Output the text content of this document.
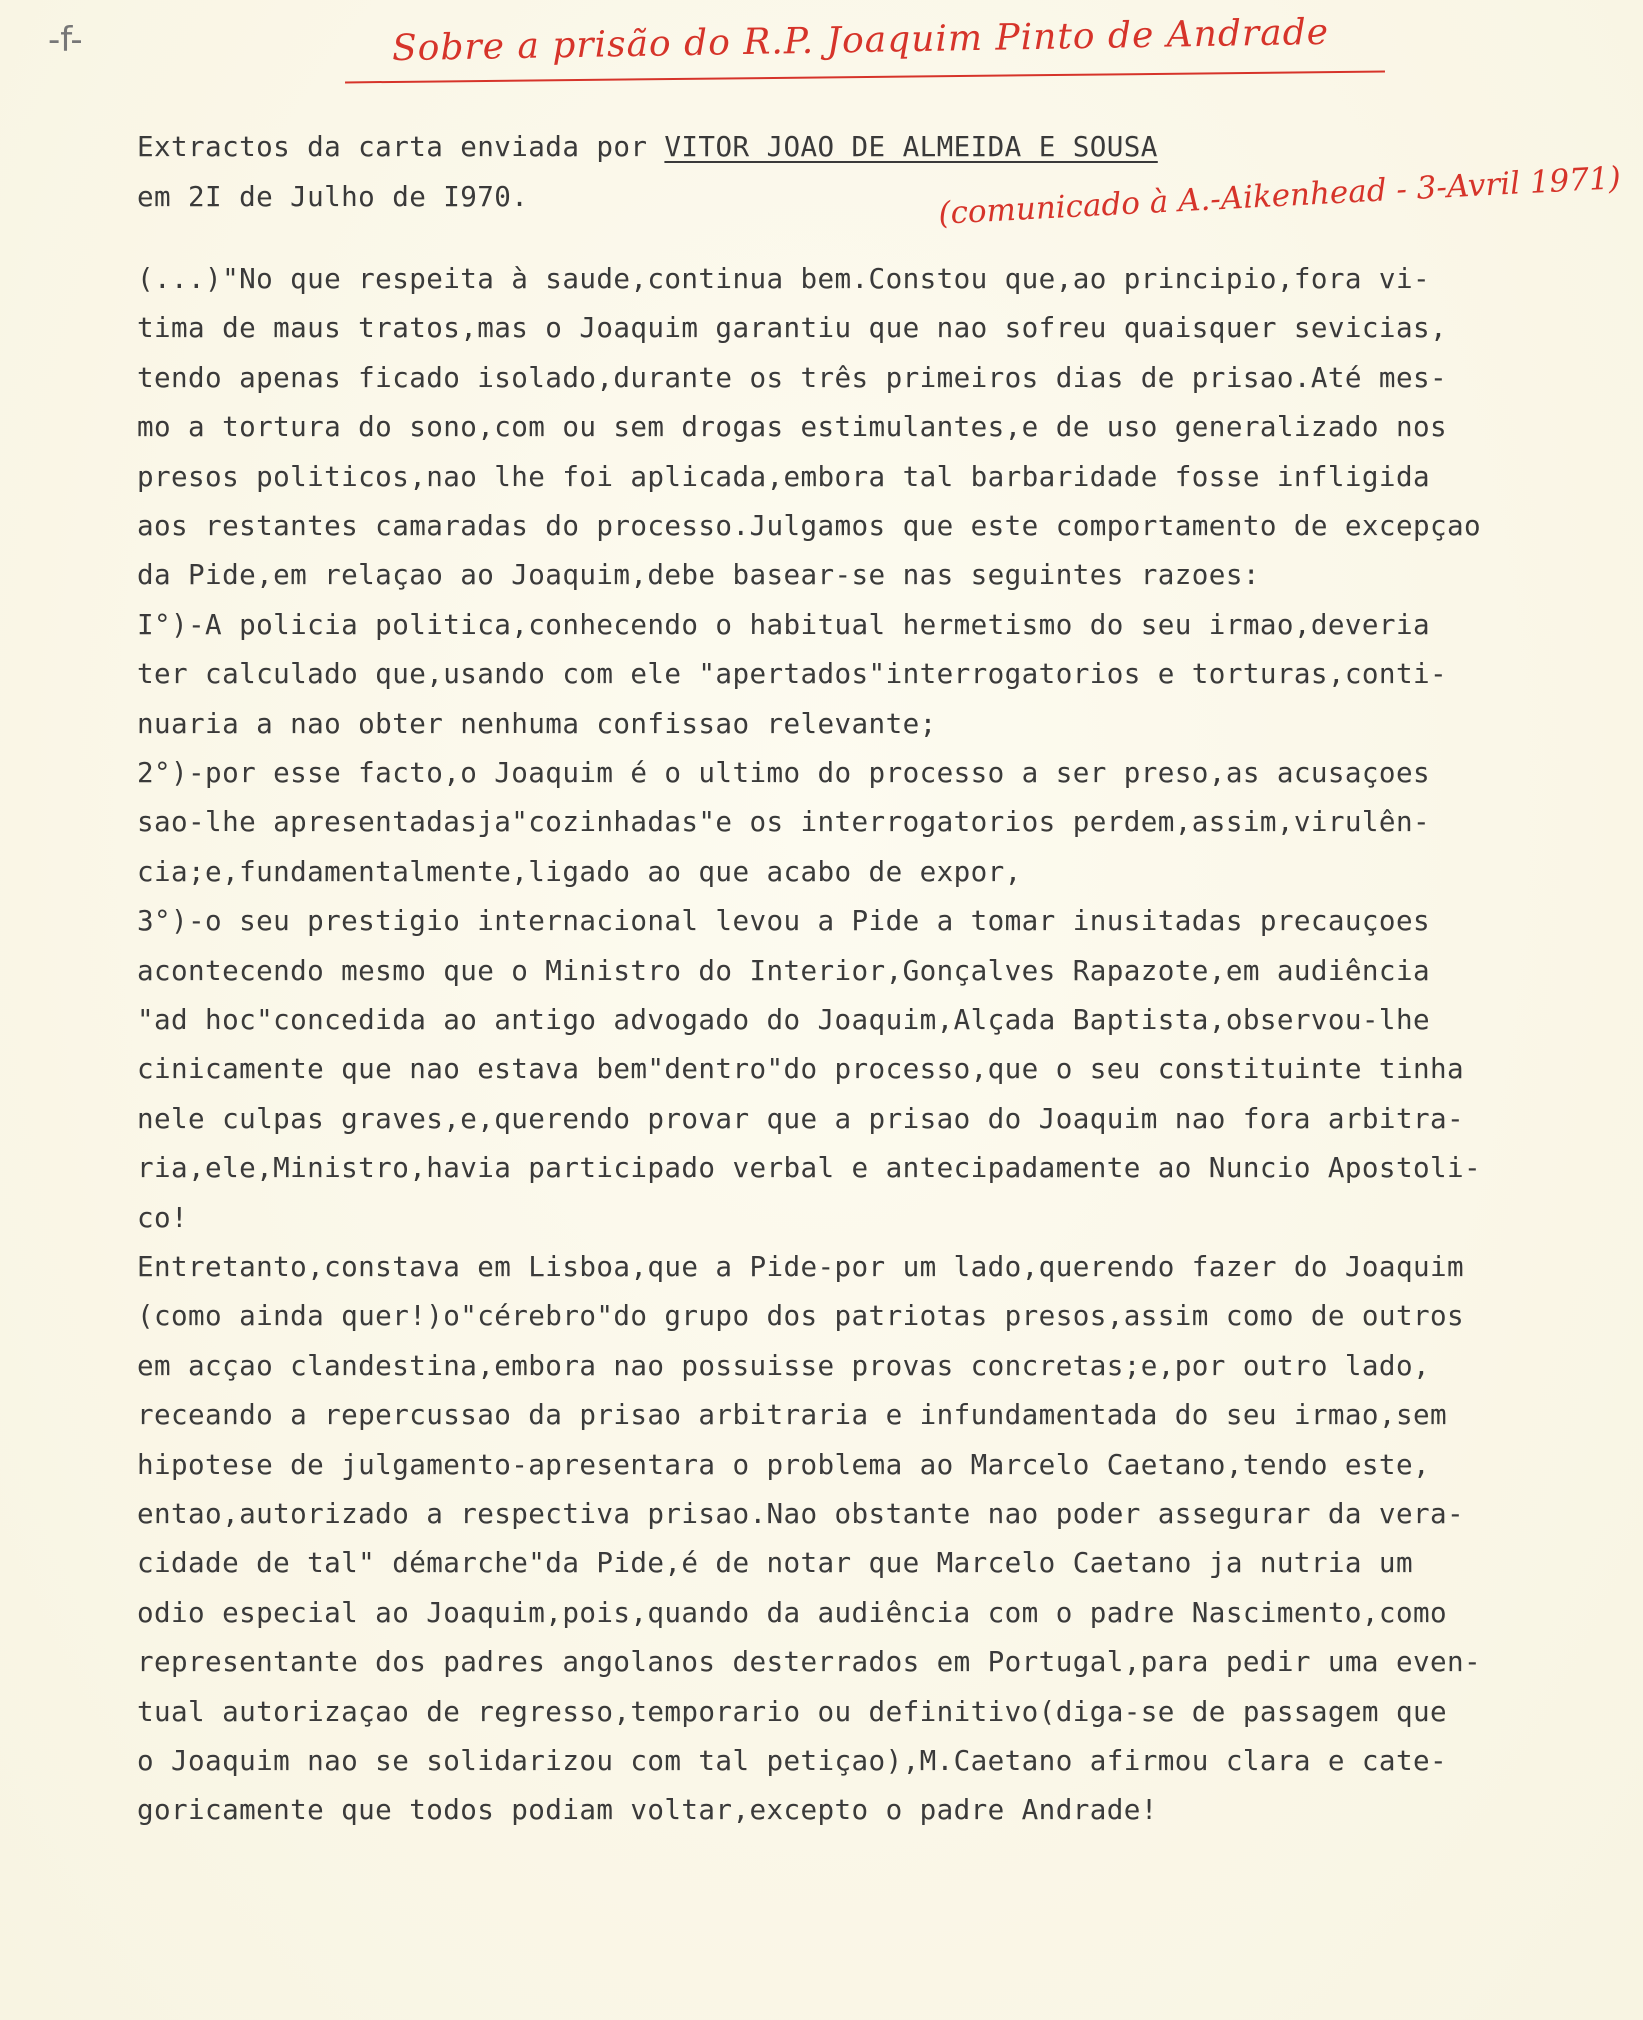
-f-	Sobre a prisão do R.P. Joaquim Pinto de Andrade
Extractos da carta enviada por VITOR JOAO DE ALMEIDA E SOUSA
em 2I de Julho de I970.	(comunicado à A.-Aikenhead - 3-Avril 1971)
(...)"No que respeita à saude,continua bem.Constou que,ao principio,fora vi-
tima de maus tratos,mas o Joaquim garantiu que nao sofreu quaisquer sevicias,
tendo apenas ficado isolado,durante os três primeiros dias de prisao.Até mes-
mo a tortura do sono,com ou sem drogas estimulantes,e de uso generalizado nos
presos politicos,nao lhe foi aplicada,embora tal barbaridade fosse infligida
aos restantes camaradas do processo.Julgamos que este comportamento de excepçao
da Pide,em relaçao ao Joaquim,debe basear-se nas seguintes razoes:
I°)-A policia politica,conhecendo o habitual hermetismo do seu irmao,deveria
ter calculado que,usando com ele "apertados"interrogatorios e torturas,conti-
nuaria a nao obter nenhuma confissao relevante;
2°)-por esse facto,o Joaquim é o ultimo do processo a ser preso,as acusaçoes
sao-lhe apresentadasja"cozinhadas"e os interrogatorios perdem,assim,virulên-
cia;e,fundamentalmente,ligado ao que acabo de expor,
3°)-o seu prestigio internacional levou a Pide a tomar inusitadas precauçoes
acontecendo mesmo que o Ministro do Interior,Gonçalves Rapazote,em audiência
"ad hoc"concedida ao antigo advogado do Joaquim,Alçada Baptista,observou-lhe
cinicamente que nao estava bem"dentro"do processo,que o seu constituinte tinha
nele culpas graves,e,querendo provar que a prisao do Joaquim nao fora arbitra-
ria,ele,Ministro,havia participado verbal e antecipadamente ao Nuncio Apostoli-
co!
Entretanto,constava em Lisboa,que a Pide-por um lado,querendo fazer do Joaquim
(como ainda quer!)o"cérebro"do grupo dos patriotas presos,assim como de outros
em acçao clandestina,embora nao possuisse provas concretas;e,por outro lado,
receando a repercussao da prisao arbitraria e infundamentada do seu irmao,sem
hipotese de julgamento-apresentara o problema ao Marcelo Caetano,tendo este,
entao,autorizado a respectiva prisao.Nao obstante nao poder assegurar da vera-
cidade de tal" démarche"da Pide,é de notar que Marcelo Caetano ja nutria um
odio especial ao Joaquim,pois,quando da audiência com o padre Nascimento,como
representante dos padres angolanos desterrados em Portugal,para pedir uma even-
tual autorizaçao de regresso,temporario ou definitivo(diga-se de passagem que
o Joaquim nao se solidarizou com tal petiçao),M.Caetano afirmou clara e cate-
goricamente que todos podiam voltar,excepto o padre Andrade!
